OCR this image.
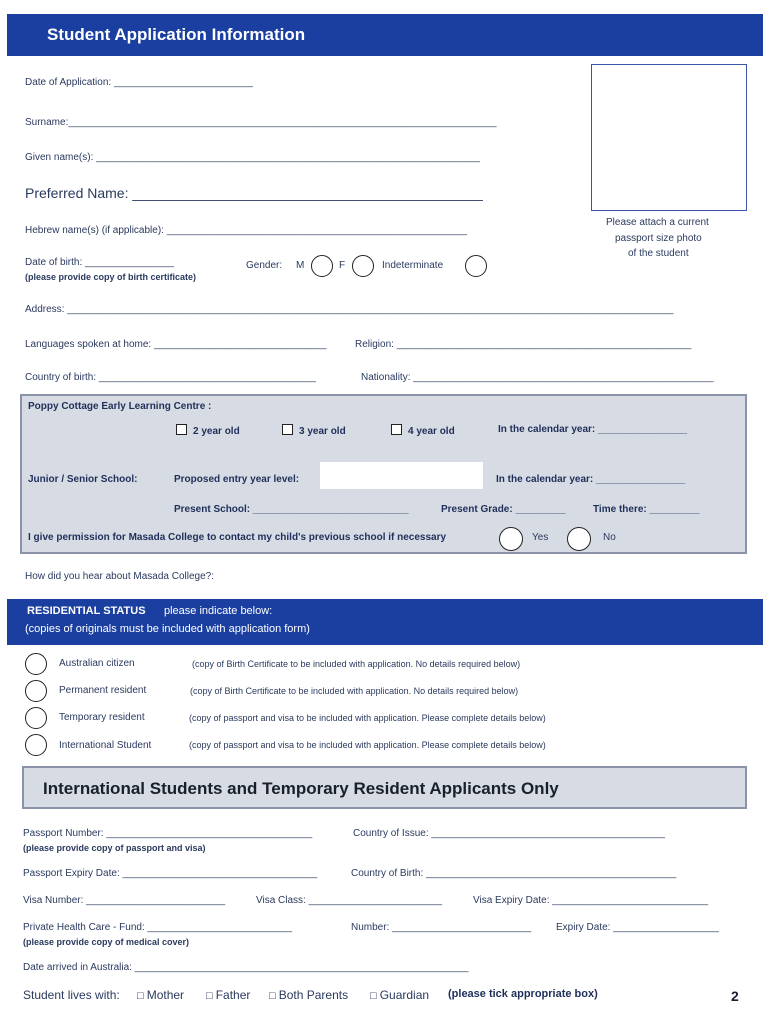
Student Application Information
Please attach a current
passport size photo
of the student
Date of Application: _________________________
Surname:_____________________________________________________________________________
Given name(s): _____________________________________________________________________
Preferred Name: _____________________________________________
Hebrew name(s) (if applicable): ______________________________________________________
Date of birth: ________________
(please provide copy of birth certificate)
Gender: M	F	Indeterminate
Address: _____________________________________________________________________________________________________________
Languages spoken at home: _______________________________	Religion: _____________________________________________________
Country of birth: _______________________________________	Nationality: ______________________________________________________
Poppy Cottage Early Learning Centre :
2 year old	3 year old	4 year old	In the calendar year: ________________
Junior / Senior School:	Proposed entry year level:	In the calendar year: ________________
Present School: ____________________________	Present Grade: _________	Time there: _________
I give permission for Masada College to contact my child's previous school if necessary	Yes	No
How did you hear about Masada College?:
RESIDENTIAL STATUS please indicate below:
(copies of originals must be included with application form)
Australian citizen	(copy of Birth Certificate to be included with application. No details required below)
Permanent resident	(copy of Birth Certificate to be included with application. No details required below)
Temporary resident	(copy of passport and visa to be included with application. Please complete details below)
International Student	(copy of passport and visa to be included with application. Please complete details below)
International Students and Temporary Resident Applicants Only
Passport Number: _____________________________________	Country of Issue: __________________________________________
(please provide copy of passport and visa)
Passport Expiry Date: ___________________________________	Country of Birth: _____________________________________________
Visa Number: _________________________	Visa Class: ________________________	Visa Expiry Date: ____________________________
Private Health Care - Fund: __________________________	Number: _________________________ Expiry Date: ___________________
(please provide copy of medical cover)
Date arrived in Australia: ____________________________________________________________
Student lives with: □ Mother □ Father □ Both Parents □ Guardian (please tick appropriate box)	2
